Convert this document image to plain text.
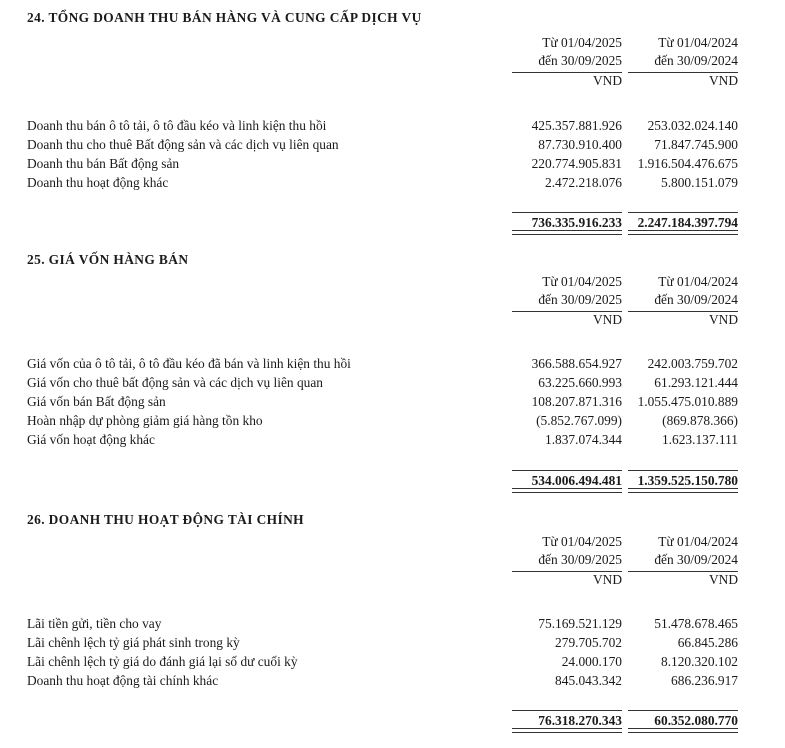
24. TỔNG DOANH THU BÁN HÀNG VÀ CUNG CẤP DỊCH VỤ
Từ 01/04/2025
đến 30/09/2025
VND
Từ 01/04/2024
đến 30/09/2024
VND
Doanh thu bán ô tô tải, ô tô đầu kéo và linh kiện thu hồi	425.357.881.926	253.032.024.140
Doanh thu cho thuê Bất động sản và các dịch vụ liên quan	87.730.910.400	71.847.745.900
Doanh thu bán Bất động sản	220.774.905.831	1.916.504.476.675
Doanh thu hoạt động khác	2.472.218.076	5.800.151.079
736.335.916.233	2.247.184.397.794
25. GIÁ VỐN HÀNG BÁN
Từ 01/04/2025
đến 30/09/2025
VND
Từ 01/04/2024
đến 30/09/2024
VND
Giá vốn của ô tô tải, ô tô đầu kéo đã bán và linh kiện thu hồi	366.588.654.927	242.003.759.702
Giá vốn cho thuê bất động sản và các dịch vụ liên quan	63.225.660.993	61.293.121.444
Giá vốn bán Bất động sản	108.207.871.316	1.055.475.010.889
Hoàn nhập dự phòng giảm giá hàng tồn kho	(5.852.767.099)	(869.878.366)
Giá vốn hoạt động khác	1.837.074.344	1.623.137.111
534.006.494.481	1.359.525.150.780
26. DOANH THU HOẠT ĐỘNG TÀI CHÍNH
Từ 01/04/2025
đến 30/09/2025
VND
Từ 01/04/2024
đến 30/09/2024
VND
Lãi tiền gửi, tiền cho vay	75.169.521.129	51.478.678.465
Lãi chênh lệch tỷ giá phát sinh trong kỳ	279.705.702	66.845.286
Lãi chênh lệch tỷ giá do đánh giá lại số dư cuối kỳ	24.000.170	8.120.320.102
Doanh thu hoạt động tài chính khác	845.043.342	686.236.917
76.318.270.343	60.352.080.770
